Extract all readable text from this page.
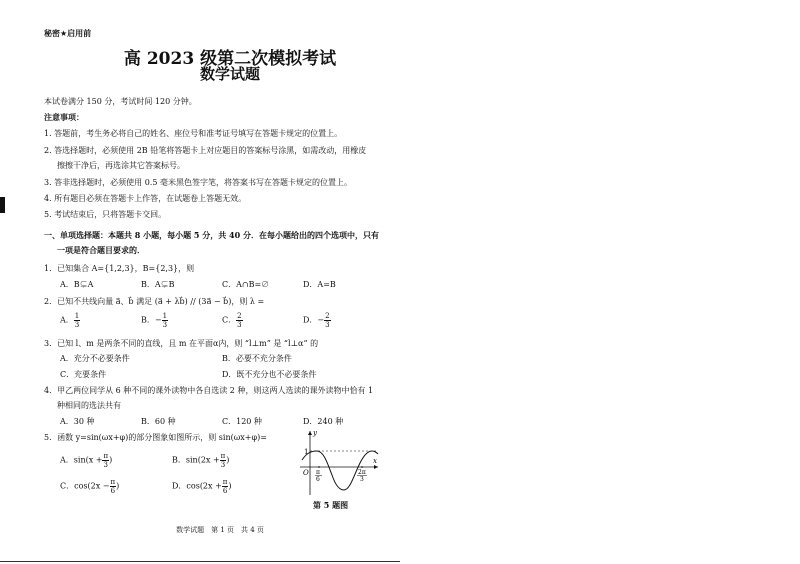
秘密★启用前
高 2023 级第二次模拟考试
数学试题
本试卷满分 150 分，考试时间 120 分钟。
注意事项：
1. 答题前，考生务必将自己的姓名、座位号和准考证号填写在答题卡规定的位置上。
2. 答选择题时，必须使用 2B 铅笔将答题卡上对应题目的答案标号涂黑，如需改动，用橡皮
擦擦干净后，再选涂其它答案标号。
3. 答非选择题时，必须使用 0.5 毫米黑色签字笔，将答案书写在答题卡规定的位置上。
4. 所有题目必须在答题卡上作答，在试题卷上答题无效。
5. 考试结束后，只将答题卡交回。
一、单项选择题：本题共 8 小题，每小题 5 分，共 40 分．在每小题给出的四个选项中，只有
一项是符合题目要求的．
1．已知集合 A={1,2,3}，B={2,3}，则
A．B⊊A	B．A⊊B	C．A∩B=∅	D．A=B
2．已知不共线向量 a⃗、b⃗ 满足 (a⃗ + λb⃗) // (3a⃗ − b⃗)，则 λ =
A． $\frac{1}{3}$	B．− $\frac{1}{3}$	C． $\frac{2}{3}$	D．− $\frac{2}{3}$
3．已知 l、m 是两条不同的直线，且 m 在平面α内，则 “l⊥m” 是 “l⊥α” 的
A．充分不必要条件	B．必要不充分条件
C．充要条件	D．既不充分也不必要条件
4．甲乙两位同学从 6 种不同的课外读物中各自选读 2 种，则这两人选读的课外读物中恰有 1
种相同的选法共有
A．30 种	B．60 种	C．120 种	D．240 种
5．函数 y=sin(ωx+φ)的部分图象如图所示，则 sin(ωx+φ)=
A．$\sin(x + \frac{\pi}{3}$ )	B．$\sin(2x + \frac{\pi}{3}$ )
C．$\cos(2x - \frac{\pi}{6}$ )	D．$\cos(2x + \frac{\pi}{6}$ )
y
x
1
O π
6
2π
3
第 5 题图
数学试题　第 1 页　共 4 页
